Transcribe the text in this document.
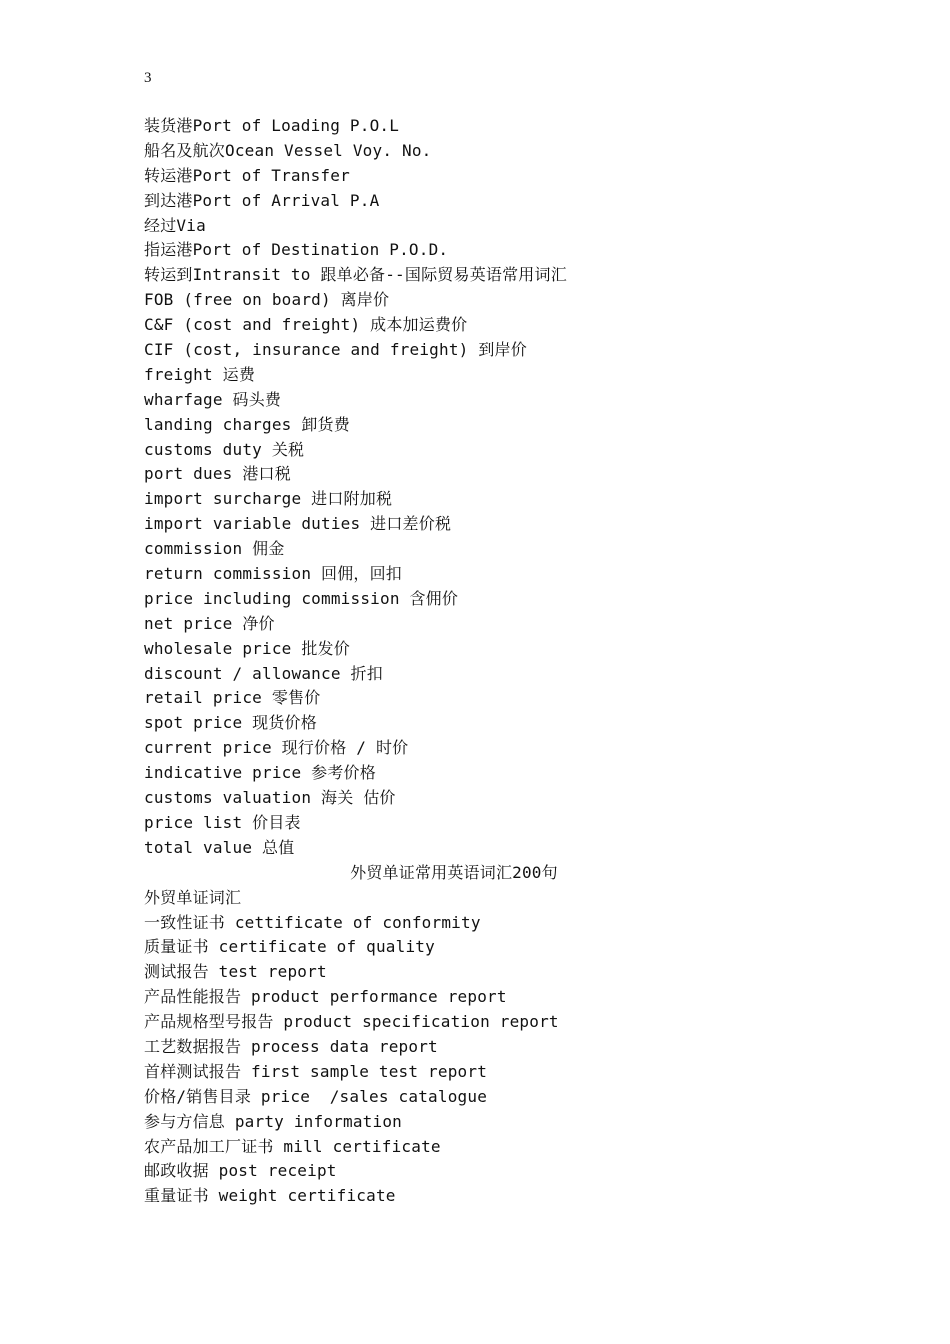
3
装货港Port of Loading P.O.L
船名及航次Ocean Vessel Voy. No.
转运港Port of Transfer
到达港Port of Arrival P.A
经过Via
指运港Port of Destination P.O.D.
转运到Intransit to 跟单必备--国际贸易英语常用词汇
FOB (free on board) 离岸价
C&F (cost and freight) 成本加运费价
CIF (cost, insurance and freight) 到岸价
freight 运费
wharfage 码头费
landing charges 卸货费
customs duty 关税
port dues 港口税
import surcharge 进口附加税
import variable duties 进口差价税
commission 佣金
return commission 回佣，回扣
price including commission 含佣价
net price 净价
wholesale price 批发价
discount / allowance 折扣
retail price 零售价
spot price 现货价格
current price 现行价格 / 时价
indicative price 参考价格
customs valuation 海关 估价
price list 价目表
total value 总值
外贸单证常用英语词汇200句
外贸单证词汇
一致性证书 cettificate of conformity
质量证书 certificate of quality
测试报告 test report
产品性能报告 product performance report
产品规格型号报告 product specification report
工艺数据报告 process data report
首样测试报告 first sample test report
价格/销售目录 price  /sales catalogue
参与方信息 party information
农产品加工厂证书 mill certificate
邮政收据 post receipt
重量证书 weight certificate
